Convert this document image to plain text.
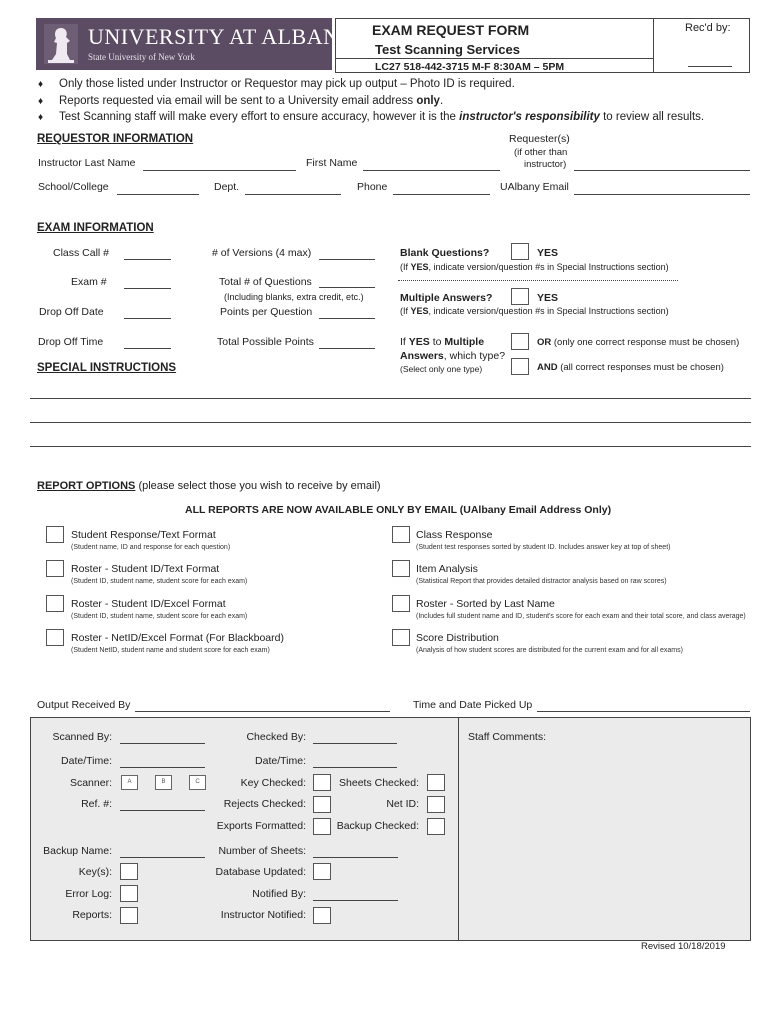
UNIVERSITY AT ALBANY
State University of New York
EXAM REQUEST FORM
Test Scanning Services
LC27 518-442-3715 M-F 8:30AM – 5PM
Rec'd by:
♦ Only those listed under Instructor or Requestor may pick up output – Photo ID is required.
♦ Reports requested via email will be sent to a University email address only.
♦ Test Scanning staff will make every effort to ensure accuracy, however it is the instructor's responsibility to review all results.
REQUESTOR INFORMATION	Requester(s)
(if other than
instructor)
Instructor Last Name	First Name
School/College	Dept.	Phone	UAlbany Email
EXAM INFORMATION
Class Call #
Exam #
Drop Off Date
Drop Off Time
# of Versions (4 max)
Total # of Questions
(Including blanks, extra credit, etc.)
Points per Question
Total Possible Points
Blank Questions?	YES
(If YES, indicate version/question #s in Special Instructions section)
Multiple Answers?	YES
(If YES, indicate version/question #s in Special Instructions section)
If YES to Multiple
Answers, which type?
(Select only one type)
OR (only one correct response must be chosen)
AND (all correct responses must be chosen)
SPECIAL INSTRUCTIONS
REPORT OPTIONS (please select those you wish to receive by email)
ALL REPORTS ARE NOW AVAILABLE ONLY BY EMAIL (UAlbany Email Address Only)
Student Response/Text Format
(Student name, ID and response for each question)
Roster - Student ID/Text Format
(Student ID, student name, student score for each exam)
Roster - Student ID/Excel Format
(Student ID, student name, student score for each exam)
Roster - NetID/Excel Format (For Blackboard)
(Student NetID, student name and student score for each exam)
Class Response
(Student test responses sorted by student ID. Includes answer key at top of sheet)
Item Analysis
(Statistical Report that provides detailed distractor analysis based on raw scores)
Roster - Sorted by Last Name
(Includes full student name and ID, student's score for each exam and their total score, and class average)
Score Distribution
(Analysis of how student scores are distributed for the current exam and for all exams)
Output Received By	Time and Date Picked Up
Scanned By:
Date/Time:
Scanner:	A	B	C
Ref. #:
Backup Name:
Key(s):
Error Log:
Reports:
Checked By:
Date/Time:
Key Checked:
Rejects Checked:
Exports Formatted:
Number of Sheets:
Database Updated:
Notified By:
Instructor Notified:
Sheets Checked:
Net ID:
Backup Checked:
Staff Comments:
Revised 10/18/2019
